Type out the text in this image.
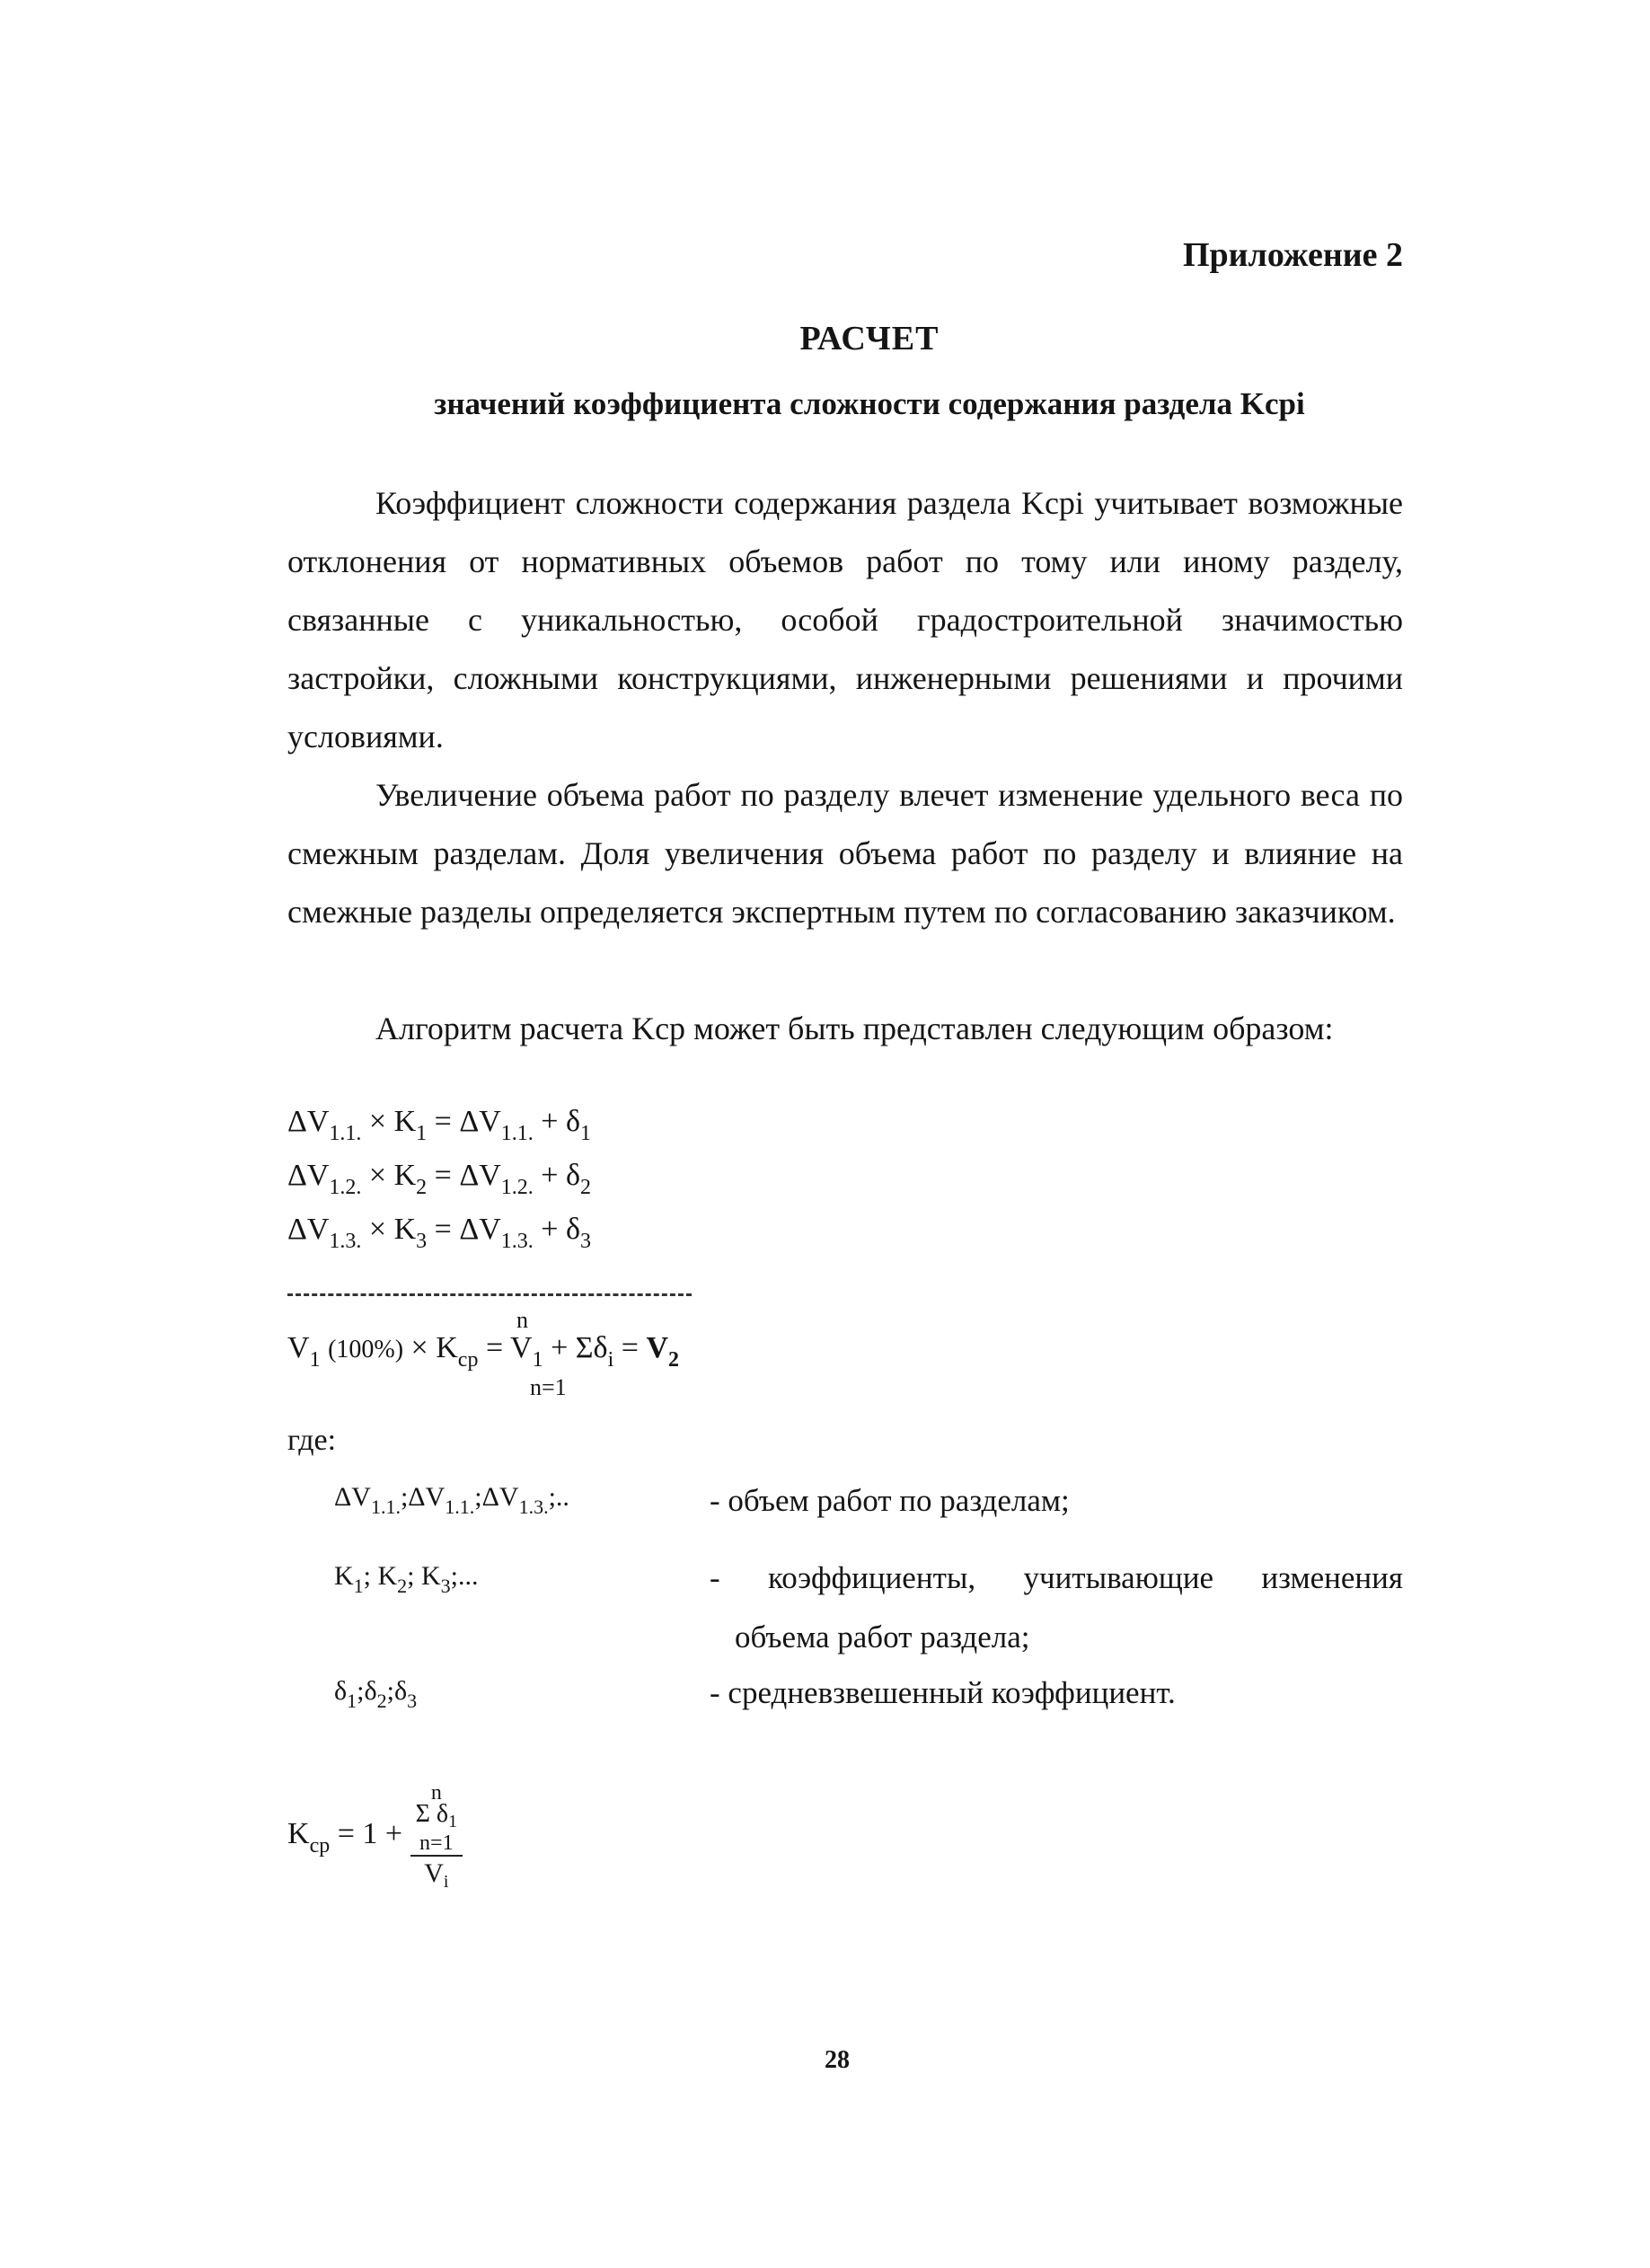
Приложение 2
РАСЧЕТ
значений коэффициента сложности содержания раздела Kcpi

Коэффициент сложности содержания раздела Kcpi учитывает возможные отклонения от нормативных объемов работ по тому или иному разделу, связанные с уникальностью, особой градостроительной значимостью застройки, сложными конструкциями, инженерными решениями и прочими условиями.

Увеличение объема работ по разделу влечет изменение удельного веса по смежным разделам. Доля увеличения объема работ по разделу и влияние на смежные разделы определяется экспертным путем по согласованию заказчиком.

Алгоритм расчета Kcp может быть представлен следующим образом:

$\Delta V_{1.1.} \times K_1 = \Delta V_{1.1.} + \delta_1$
$\Delta V_{1.2.} \times K_2 = \Delta V_{1.2.} + \delta_2$
$\Delta V_{1.3.} \times K_3 = \Delta V_{1.3.} + \delta_3$
n
$V_1$ $(100\%) \times K_{cp} = V_1 + \Sigma\delta_i = V_2$
n=1
где:
$\Delta V_{1.1.};\Delta V_{1.1.};\Delta V_{1.3.}$;..	- объем работ по разделам;
$K_1$; $K_2$; $K_3$;...	- коэффициенты, учитывающие изменения
объема работ раздела;
$\delta_1;\delta_2;\delta_3$	- средневзвешенный коэффициент.
$K_{cp} = 1 + n$
Σ $\delta_1$
n=1
$V_i$
28
